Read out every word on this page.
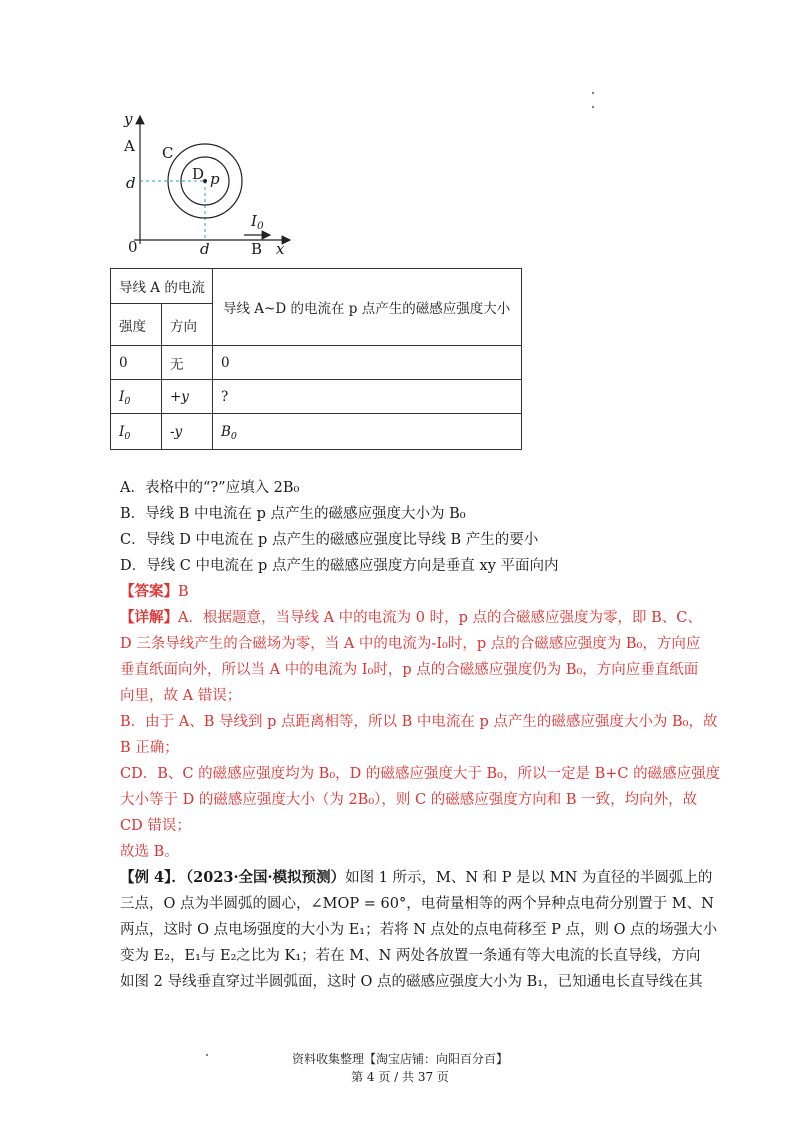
y
A C
D p
d
0	d
$I_0$
B x
导线 A 的电流		导线 A~D 的电流在 p 点产生的磁感应强度大小
强度	方向	
0	无	0
$I_0$	+y	?
$I_0$	-y	$B_0$
A．表格中的“?”应填入 2B₀
B．导线 B 中电流在 p 点产生的磁感应强度大小为 B₀
C．导线 D 中电流在 p 点产生的磁感应强度比导线 B 产生的要小
D．导线 C 中电流在 p 点产生的磁感应强度方向是垂直 xy 平面向内
【答案】B
【详解】A．根据题意，当导线 A 中的电流为 0 时，p 点的合磁感应强度为零，即 B、C、
D 三条导线产生的合磁场为零，当 A 中的电流为-I₀时，p 点的合磁感应强度为 B₀，方向应
垂直纸面向外，所以当 A 中的电流为 I₀时，p 点的合磁感应强度仍为 B₀，方向应垂直纸面
向里，故 A 错误；
B．由于 A、B 导线到 p 点距离相等，所以 B 中电流在 p 点产生的磁感应强度大小为 B₀，故
B 正确；
CD．B、C 的磁感应强度均为 B₀，D 的磁感应强度大于 B₀，所以一定是 B+C 的磁感应强度
大小等于 D 的磁感应强度大小（为 2B₀），则 C 的磁感应强度方向和 B 一致，均向外，故
CD 错误；
故选 B。
【例 4】．（2023·全国·模拟预测）如图 1 所示，M、N 和 P 是以 MN 为直径的半圆弧上的
三点，O 点为半圆弧的圆心，∠MOP = 60°，电荷量相等的两个异种点电荷分别置于 M、N
两点，这时 O 点电场强度的大小为 E₁；若将 N 点处的点电荷移至 P 点，则 O 点的场强大小
变为 E₂，E₁与 E₂之比为 K₁；若在 M、N 两处各放置一条通有等大电流的长直导线，方向
如图 2 导线垂直穿过半圆弧面，这时 O 点的磁感应强度大小为 B₁，已知通电长直导线在其
资料收集整理【淘宝店铺：向阳百分百】
第 4 页 / 共 37 页
